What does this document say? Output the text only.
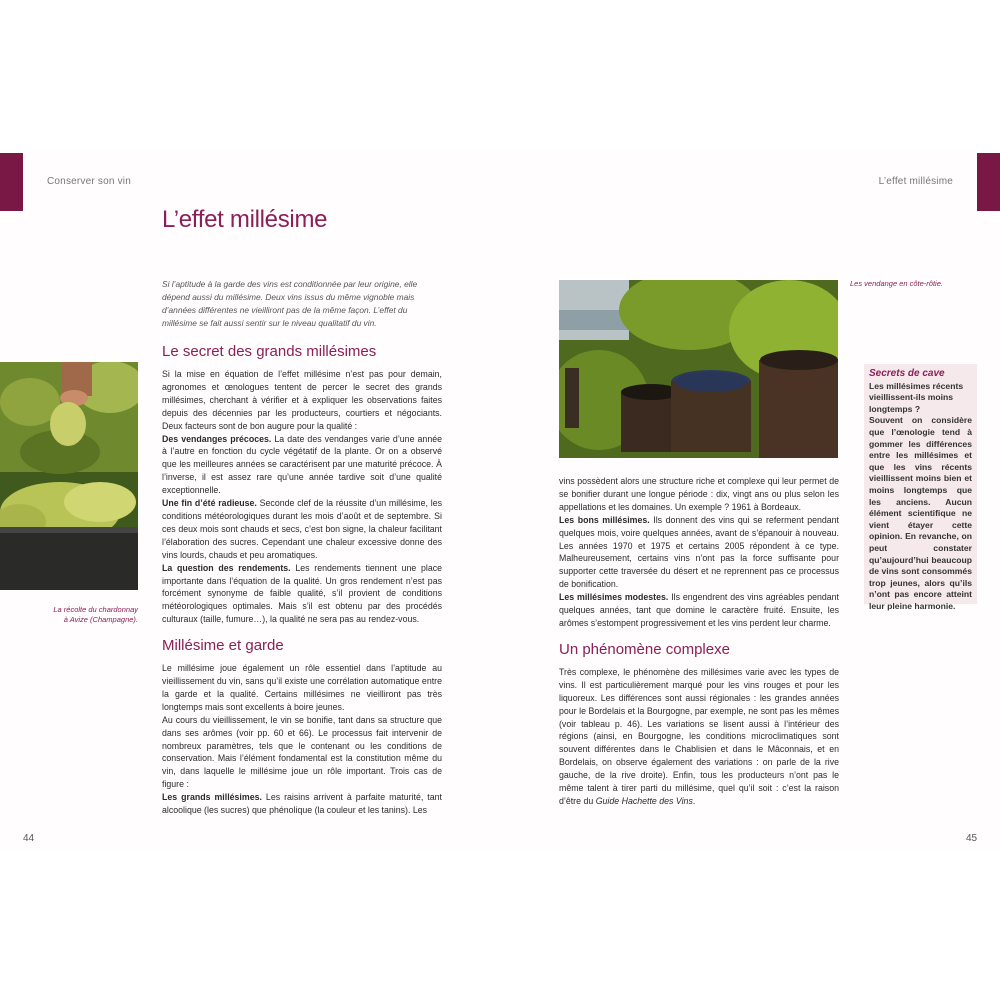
Conserver son vin	L’effet millésime
44	45
L’effet millésime
Si l’aptitude à la garde des vins est conditionnée par leur origine, elle dépend aussi du millésime. Deux vins issus du même vignoble mais d’années différentes ne vieilliront pas de la même façon. L’effet du millésime se fait aussi sentir sur le niveau qualitatif du vin.
La récolte du chardonnay
à Avize (Champagne).
Le secret des grands millésimes

Si la mise en équation de l’effet millésime n’est pas pour demain, agronomes et œnologues tentent de percer le secret des grands millésimes, cherchant à vérifier et à expliquer les observations faites depuis des décennies par les producteurs, courtiers et négociants. Deux facteurs sont de bon augure pour la qualité :

Des vendanges précoces. La date des vendanges varie d’une année à l’autre en fonction du cycle végétatif de la plante. Or on a observé que les meilleures années se caractérisent par une maturité précoce. À l’inverse, il est assez rare qu’une année tardive soit d’une qualité exceptionnelle.

Une fin d’été radieuse. Seconde clef de la réussite d’un millésime, les conditions météorologiques durant les mois d’août et de septembre. Si ces deux mois sont chauds et secs, c’est bon signe, la chaleur facilitant l’élaboration des sucres. Cependant une chaleur excessive donne des vins lourds, chauds et peu aromatiques.

La question des rendements. Les rendements tiennent une place importante dans l’équation de la qualité. Un gros rendement n’est pas forcément synonyme de faible qualité, s’il provient de conditions météorologiques optimales. Mais s’il est obtenu par des procédés culturaux (taille, fumure…), la qualité ne sera pas au rendez-vous.

Millésime et garde

Le millésime joue également un rôle essentiel dans l’aptitude au vieillissement du vin, sans qu’il existe une corrélation automatique entre la garde et la qualité. Certains millésimes ne vieilliront pas très longtemps mais sont excellents à boire jeunes.

Au cours du vieillissement, le vin se bonifie, tant dans sa structure que dans ses arômes (voir pp. 60 et 66). Le processus fait intervenir de nombreux paramètres, tels que le contenant ou les conditions de conservation. Mais l’élément fondamental est la constitution même du vin, dans laquelle le millésime joue un rôle important. Trois cas de figure :

Les grands millésimes. Les raisins arrivent à parfaite maturité, tant alcoolique (les sucres) que phénolique (la couleur et les tanins). Les

Les vendange en côte-rôtie.
Secrets de cave
Les millésimes récents vieillissent-ils moins longtemps ?
Souvent on considère que l’œnologie tend à gommer les différences entre les millésimes et que les vins récents vieillissent moins bien et moins longtemps que les anciens. Aucun élément scientifique ne vient étayer cette opinion. En revanche, on peut constater qu’aujourd’hui beaucoup de vins sont consommés trop jeunes, alors qu’ils n’ont pas encore atteint leur pleine harmonie.

vins possèdent alors une structure riche et complexe qui leur permet de se bonifier durant une longue période : dix, vingt ans ou plus selon les appellations et les domaines. Un exemple ? 1961 à Bordeaux.

Les bons millésimes. Ils donnent des vins qui se referment pendant quelques mois, voire quelques années, avant de s’épanouir à nouveau. Les années 1970 et 1975 et certains 2005 répondent à ce type. Malheureusement, certains vins n’ont pas la force suffisante pour supporter cette traversée du désert et ne reprennent pas ce processus de bonification.

Les millésimes modestes. Ils engendrent des vins agréables pendant quelques années, tant que domine le caractère fruité. Ensuite, les arômes s’estompent progressivement et les vins perdent leur charme.

Un phénomène complexe

Très complexe, le phénomène des millésimes varie avec les types de vins. Il est particulièrement marqué pour les vins rouges et pour les liquoreux. Les différences sont aussi régionales : les grandes années pour le Bordelais et la Bourgogne, par exemple, ne sont pas les mêmes (voir tableau p. 46). Les variations se lisent aussi à l’intérieur des régions (ainsi, en Bourgogne, les conditions microclimatiques sont souvent différentes dans le Chablisien et dans le Mâconnais, et en Bordelais, on observe également des variations : on parle de la rive gauche, de la rive droite). Enfin, tous les producteurs n’ont pas le même talent à tirer parti du millésime, quel qu’il soit : c’est la raison d’être du Guide Hachette des Vins.
